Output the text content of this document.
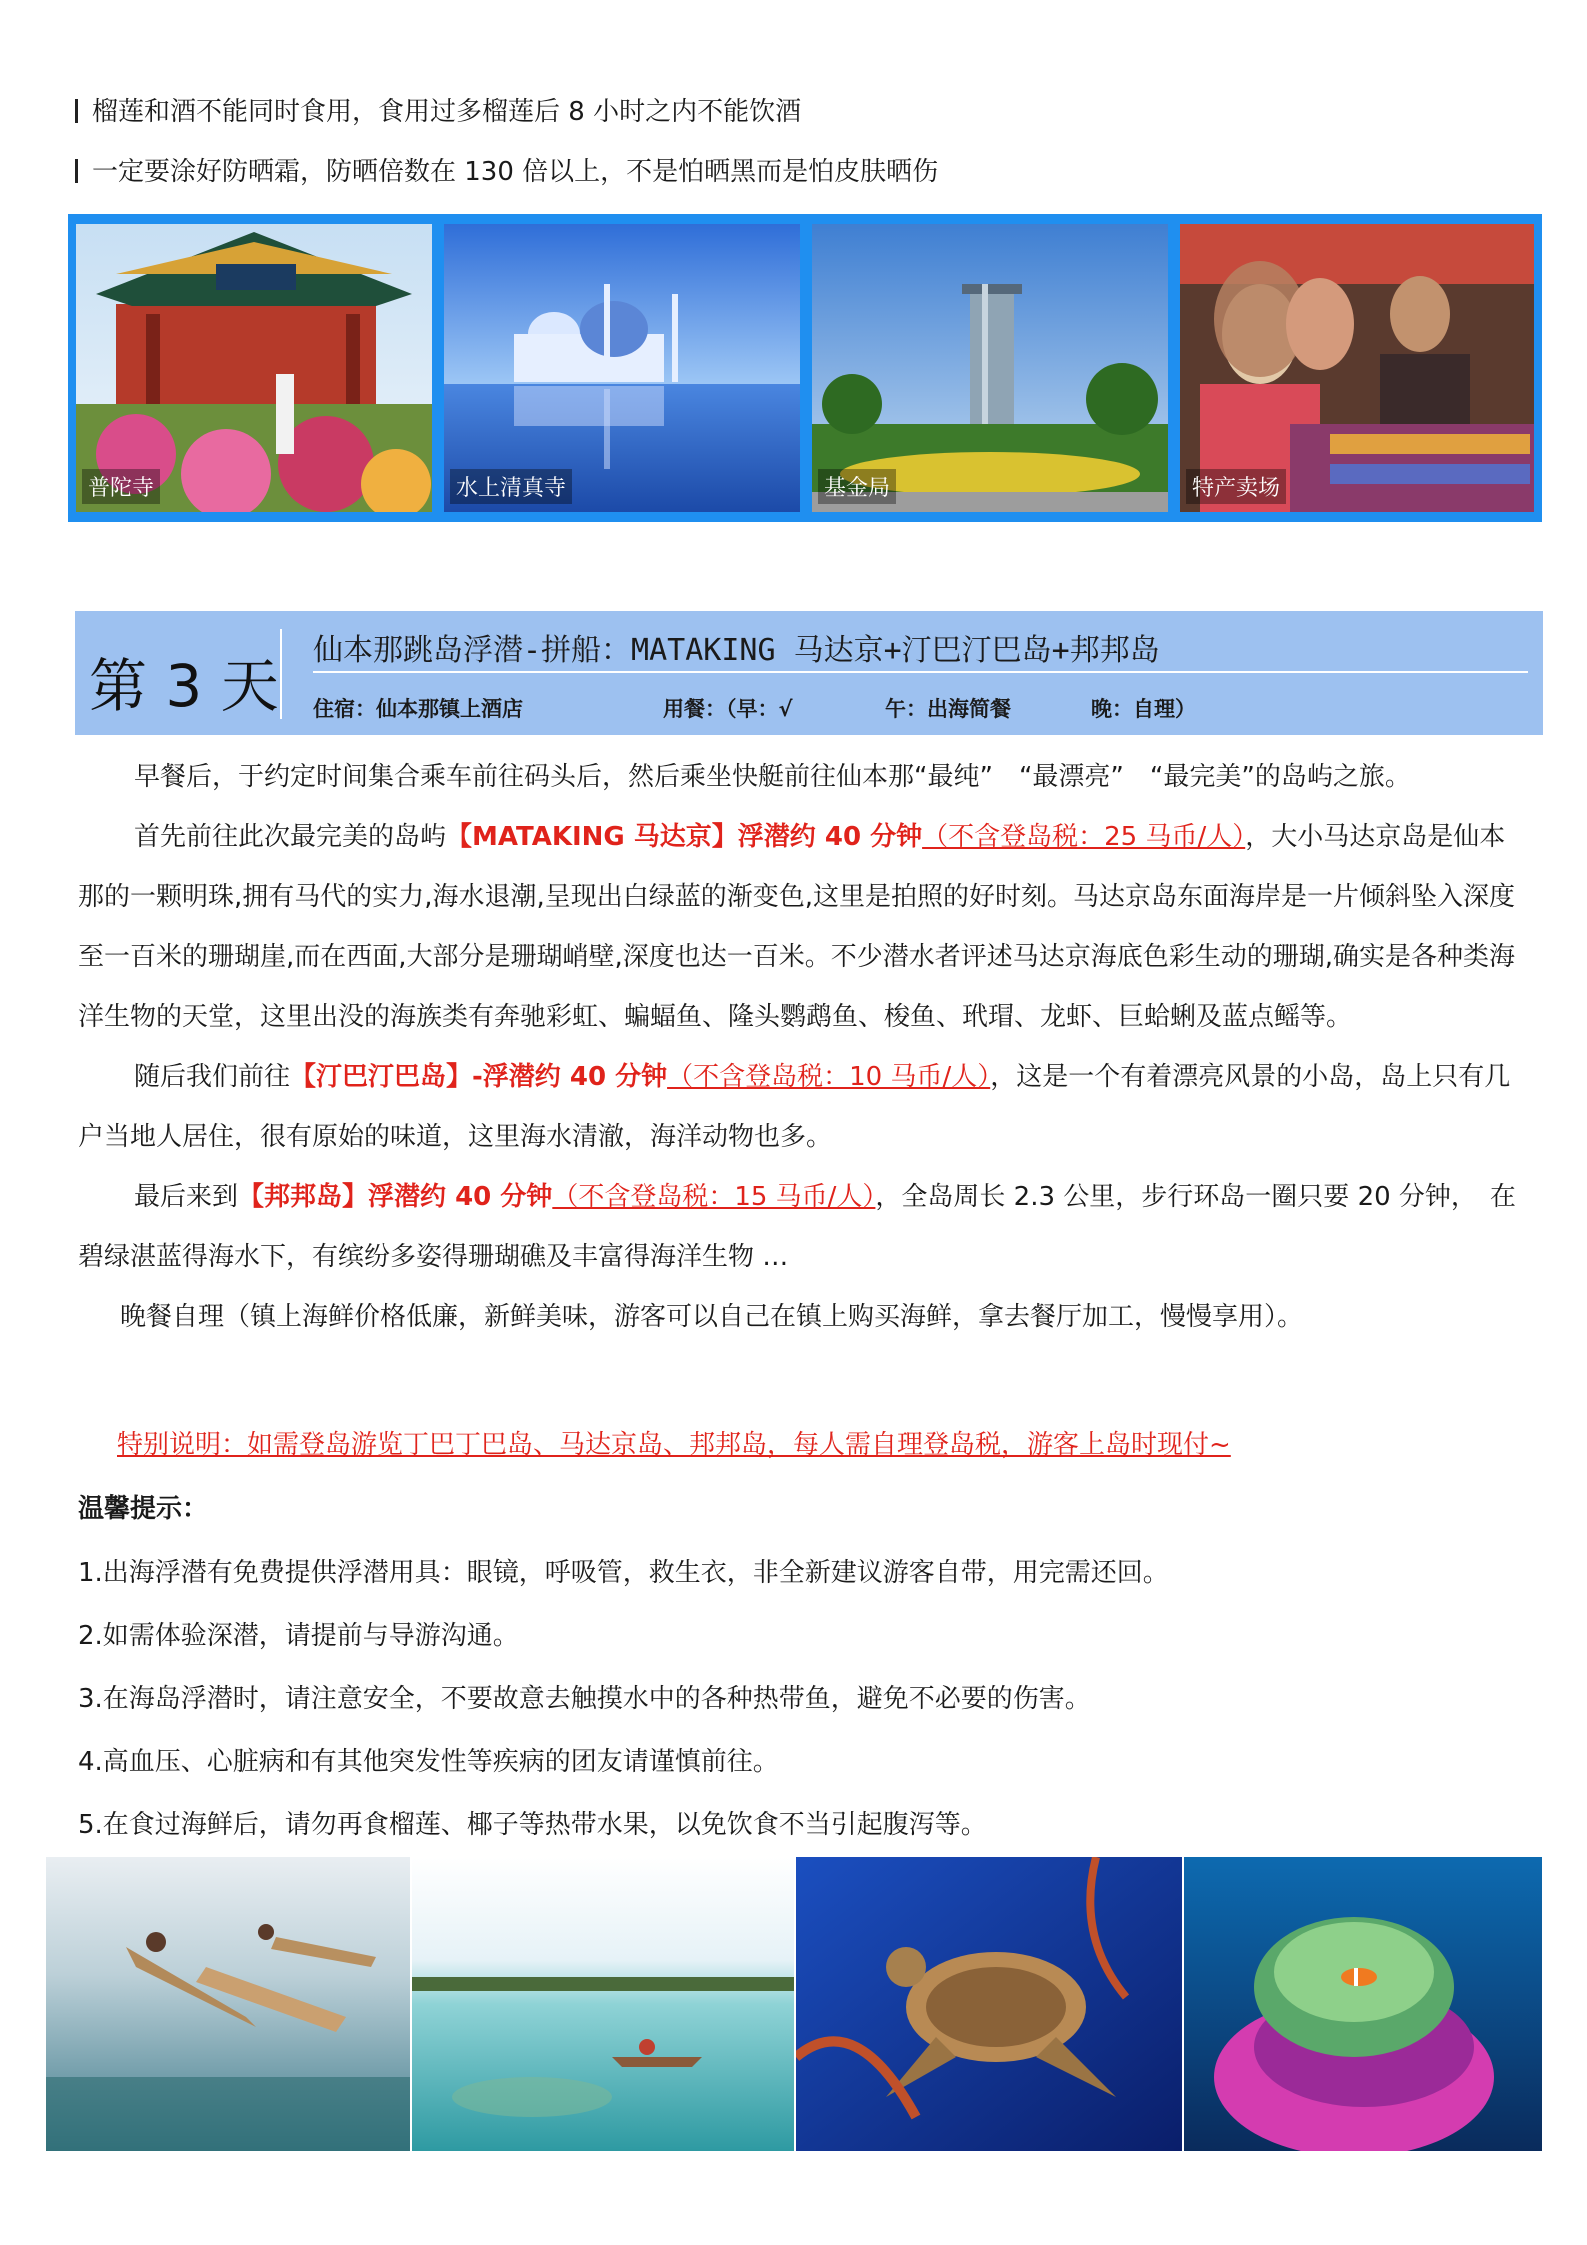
榴莲和酒不能同时食用，食用过多榴莲后 8 小时之内不能饮酒
一定要涂好防晒霜，防晒倍数在 130 倍以上，不是怕晒黑而是怕皮肤晒伤
普陀寺	水上清真寺	基金局	特产卖场
第 3 天
仙本那跳岛浮潜-拼船：MATAKING 马达京+汀巴汀巴岛+邦邦岛
住宿：仙本那镇上酒店	用餐：（早：√	午：出海简餐	晚：自理）

早餐后，于约定时间集合乘车前往码头后，然后乘坐快艇前往仙本那“最纯”　“最漂亮”　“最完美”的岛屿之旅。

首先前往此次最完美的岛屿【MATAKING 马达京】浮潜约 40 分钟（不含登岛税：25 马币/人），大小马达京岛是仙本那的一颗明珠,拥有马代的实力,海水退潮,呈现出白绿蓝的渐变色,这里是拍照的好时刻。马达京岛东面海岸是一片倾斜坠入深度至一百米的珊瑚崖,而在西面,大部分是珊瑚峭壁,深度也达一百米。不少潜水者评述马达京海底色彩生动的珊瑚,确实是各种类海洋生物的天堂，这里出没的海族类有奔驰彩虹、蝙蝠鱼、隆头鹦鹉鱼、梭鱼、玳瑁、龙虾、巨蛤蜊及蓝点鳐等。

随后我们前往【汀巴汀巴岛】-浮潜约 40 分钟（不含登岛税：10 马币/人），这是一个有着漂亮风景的小岛，岛上只有几户当地人居住，很有原始的味道，这里海水清澈，海洋动物也多。

最后来到【邦邦岛】浮潜约 40 分钟（不含登岛税：15 马币/人），全岛周长 2.3 公里，步行环岛一圈只要 20 分钟，　在碧绿湛蓝得海水下，有缤纷多姿得珊瑚礁及丰富得海洋生物 …

晚餐自理（镇上海鲜价格低廉，新鲜美味，游客可以自己在镇上购买海鲜，拿去餐厅加工，慢慢享用）。

特别说明：如需登岛游览丁巴丁巴岛、马达京岛、邦邦岛，每人需自理登岛税，游客上岛时现付~
温馨提示：
1.出海浮潜有免费提供浮潜用具：眼镜，呼吸管，救生衣，非全新建议游客自带，用完需还回。
2.如需体验深潜，请提前与导游沟通。
3.在海岛浮潜时，请注意安全，不要故意去触摸水中的各种热带鱼，避免不必要的伤害。
4.高血压、心脏病和有其他突发性等疾病的团友请谨慎前往。
5.在食过海鲜后，请勿再食榴莲、椰子等热带水果，以免饮食不当引起腹泻等。
